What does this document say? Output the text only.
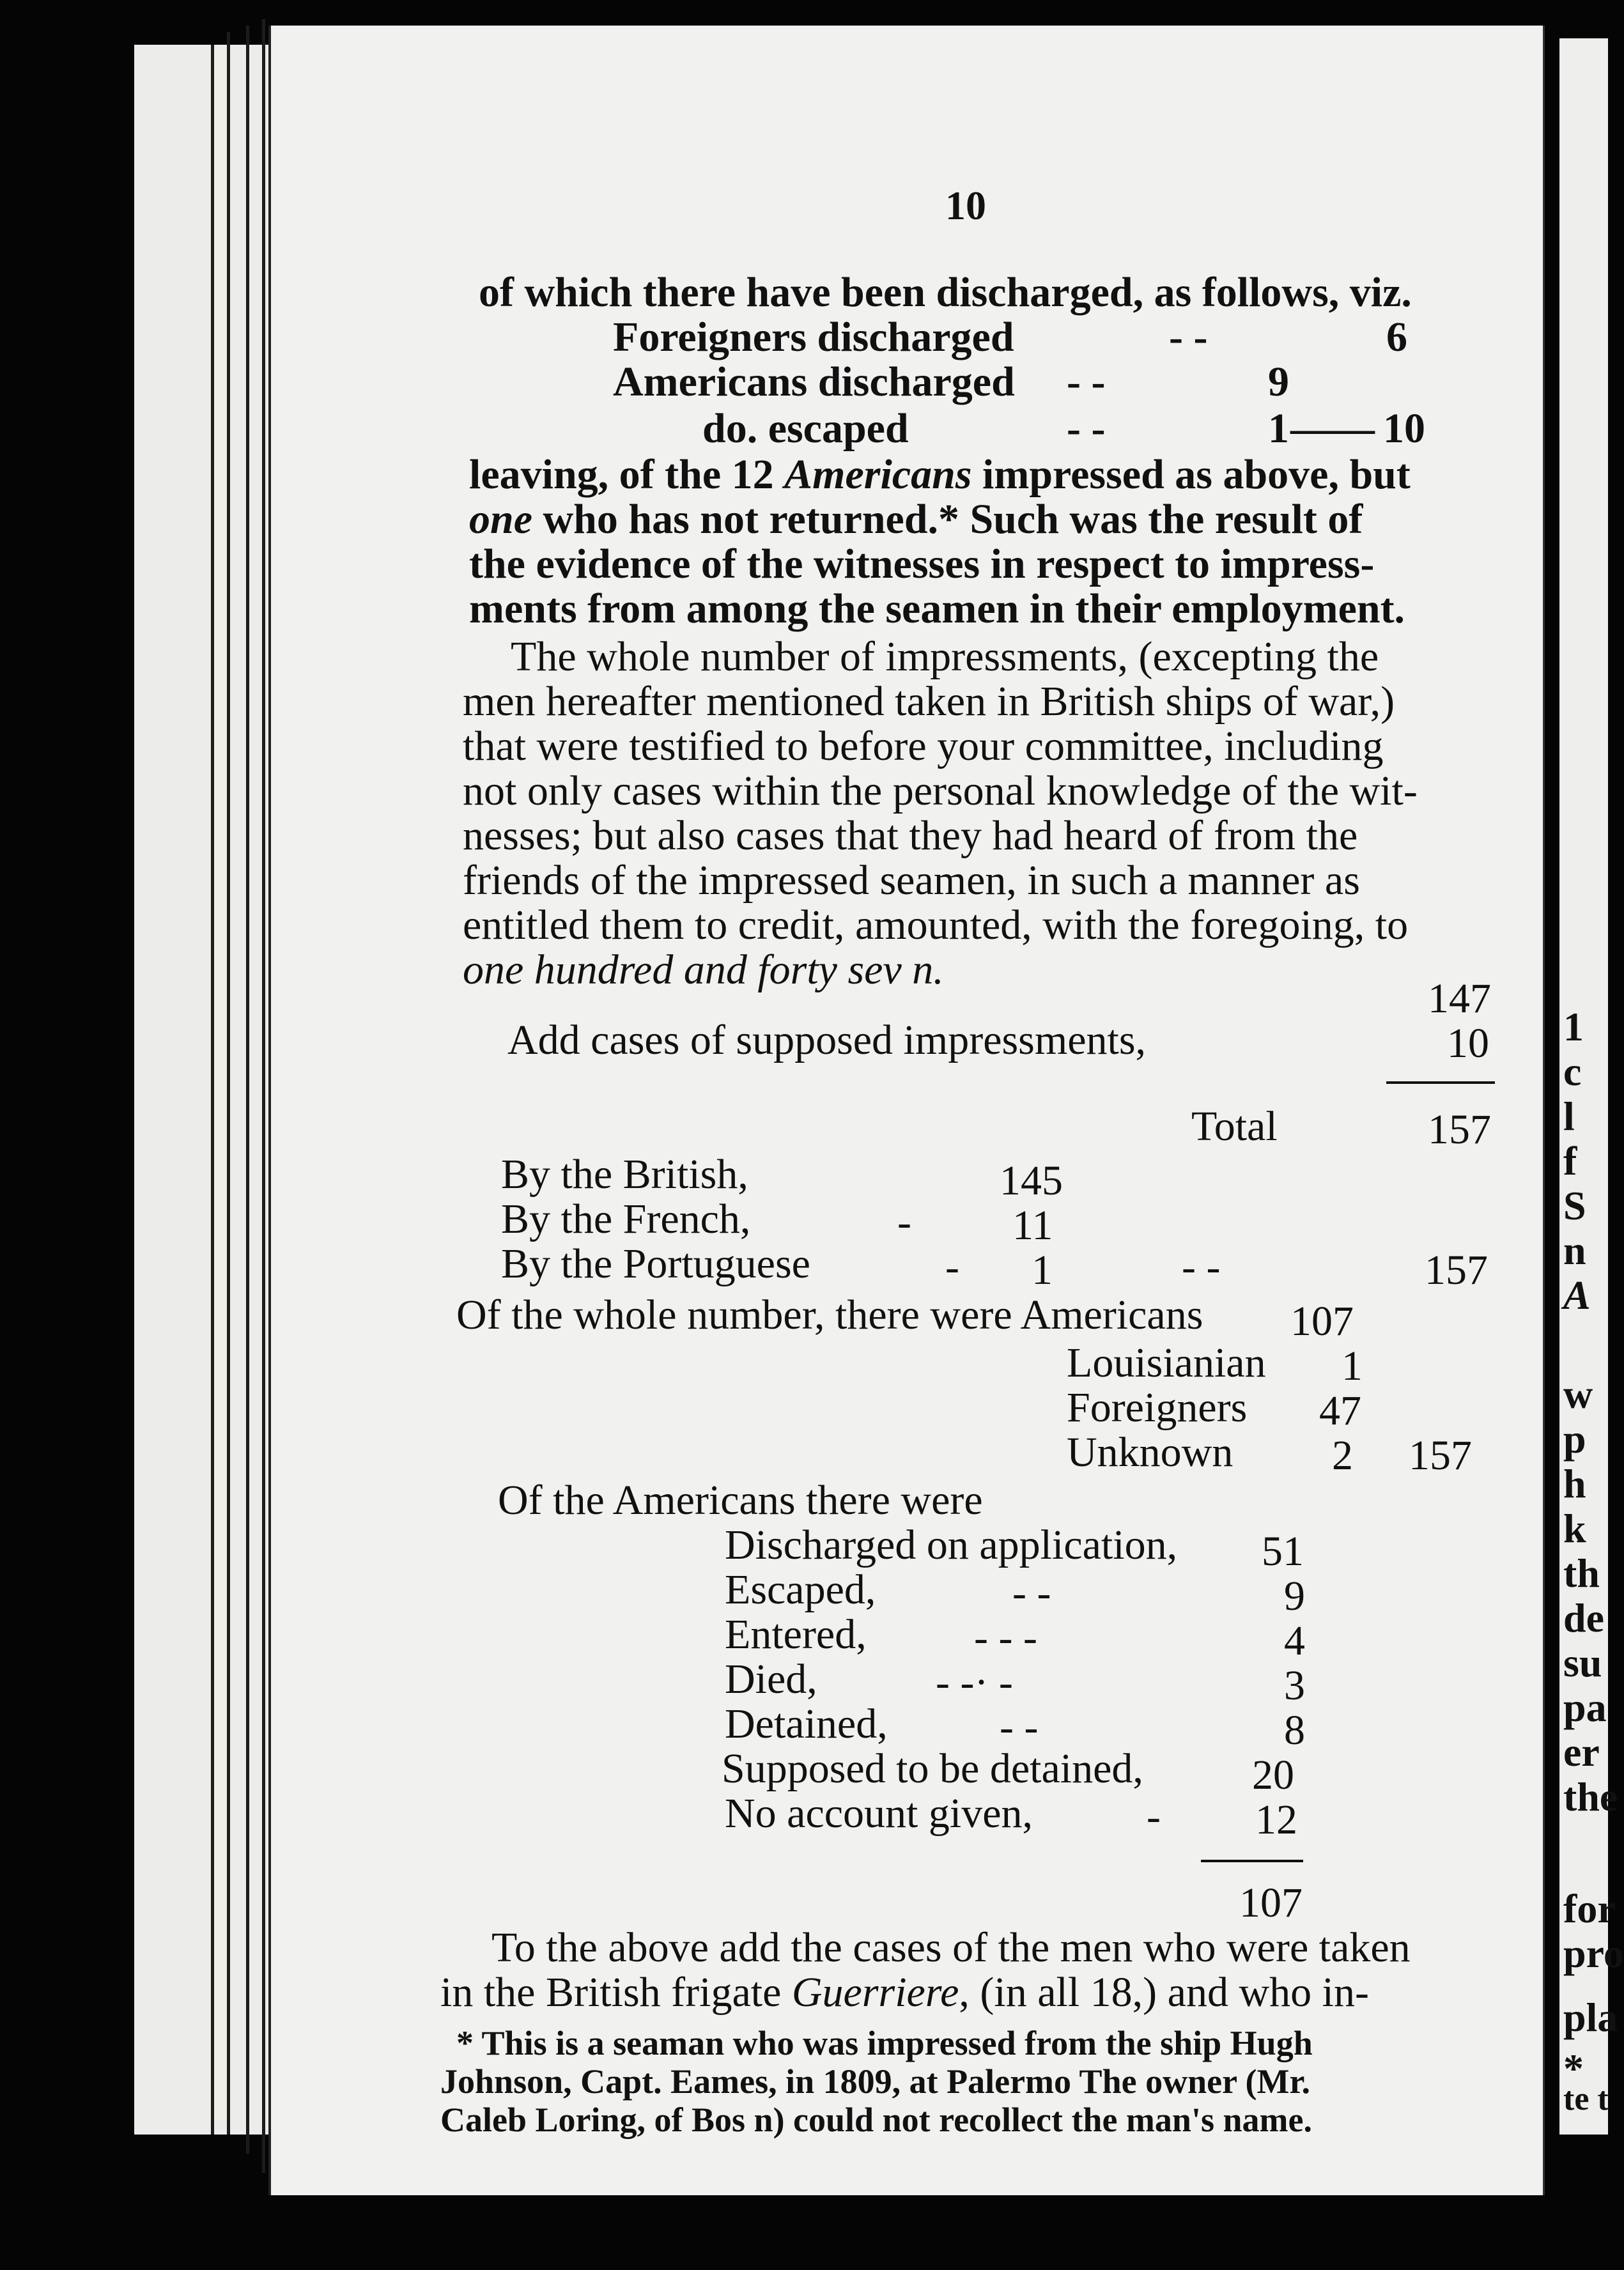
10
of which there have been discharged, as follows, viz.
Foreigners discharged	- -	6
Americans discharged - -	9
do. escaped	- -	1 —— 10
leaving, of the 12 Americans impressed as above, but
one who has not returned.* Such was the result of
the evidence of the witnesses in respect to impress-
ments from among the seamen in their employment.
The whole number of impressments, (excepting the
men hereafter mentioned taken in British ships of war,)
that were testified to before your committee, including
not only cases within the personal knowledge of the wit-
nesses; but also cases that they had heard of from the
friends of the impressed seamen, in such a manner as
entitled them to credit, amounted, with the foregoing, to
one hundred and forty sev n.
147
Add cases of supposed impressments,	10
Total	157
By the British,	145
By the French,	- 11
By the Portuguese	- 1	- -	157
Of the whole number, there were Americans 107
Louisianian 1
Foreigners 47
Unknown 2 157
Of the Americans there were
Discharged on application, 51
Escaped,	- -	9
Entered,	- - -	4
Died,	- -· -	3
Detained,	- -	8
Supposed to be detained,	20
No account given,	- 12
107
To the above add the cases of the men who were taken
in the British frigate Guerriere, (in all 18,) and who in-
* This is a seaman who was impressed from the ship Hugh
Johnson, Capt. Eames, in 1809, at Palermo The owner (Mr.
Caleb Loring, of Bos n) could not recollect the man's name.
1
c
l
f
S
n
A
w
p
h
k
th
de
su
pa
er
the
for
pro
pla
*
te t
